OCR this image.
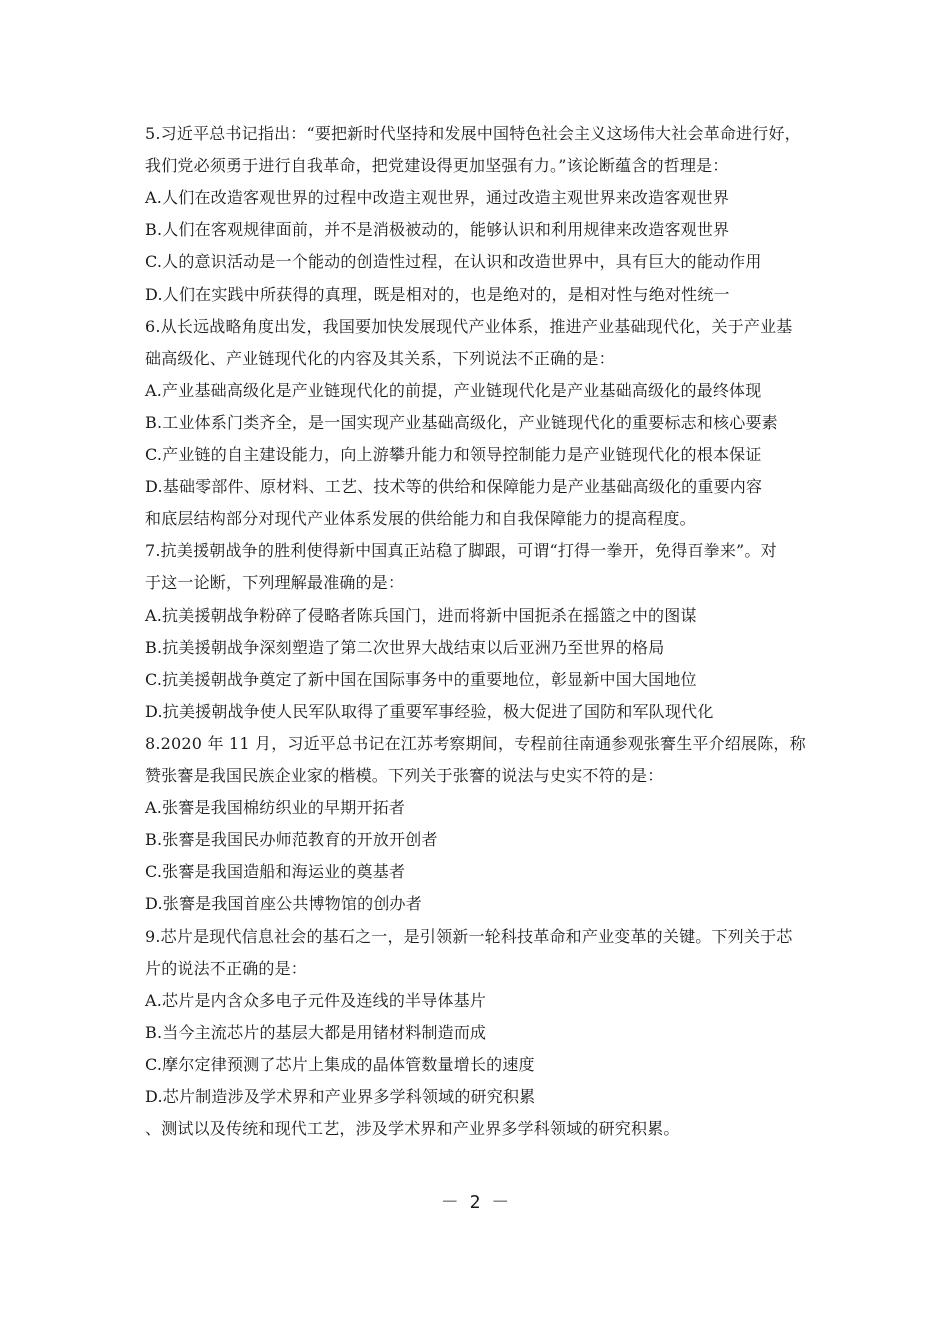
5.习近平总书记指出：“要把新时代坚持和发展中国特色社会主义这场伟大社会革命进行好，
我们党必须勇于进行自我革命，把党建设得更加坚强有力。”该论断蕴含的哲理是：
A.人们在改造客观世界的过程中改造主观世界，通过改造主观世界来改造客观世界
B.人们在客观规律面前，并不是消极被动的，能够认识和利用规律来改造客观世界
C.人的意识活动是一个能动的创造性过程，在认识和改造世界中，具有巨大的能动作用
D.人们在实践中所获得的真理，既是相对的，也是绝对的，是相对性与绝对性统一
6.从长远战略角度出发，我国要加快发展现代产业体系，推进产业基础现代化，关于产业基
础高级化、产业链现代化的内容及其关系，下列说法不正确的是：
A.产业基础高级化是产业链现代化的前提，产业链现代化是产业基础高级化的最终体现
B.工业体系门类齐全，是一国实现产业基础高级化，产业链现代化的重要标志和核心要素
C.产业链的自主建设能力，向上游攀升能力和领导控制能力是产业链现代化的根本保证
D.基础零部件、原材料、工艺、技术等的供给和保障能力是产业基础高级化的重要内容
和底层结构部分对现代产业体系发展的供给能力和自我保障能力的提高程度。
7.抗美援朝战争的胜利使得新中国真正站稳了脚跟，可谓“打得一拳开，免得百拳来”。对
于这一论断，下列理解最准确的是：
A.抗美援朝战争粉碎了侵略者陈兵国门，进而将新中国扼杀在摇篮之中的图谋
B.抗美援朝战争深刻塑造了第二次世界大战结束以后亚洲乃至世界的格局
C.抗美援朝战争奠定了新中国在国际事务中的重要地位，彰显新中国大国地位
D.抗美援朝战争使人民军队取得了重要军事经验，极大促进了国防和军队现代化
8.2020 年 11 月，习近平总书记在江苏考察期间，专程前往南通参观张謇生平介绍展陈，称
赞张謇是我国民族企业家的楷模。下列关于张謇的说法与史实不符的是：
A.张謇是我国棉纺织业的早期开拓者
B.张謇是我国民办师范教育的开放开创者
C.张謇是我国造船和海运业的奠基者
D.张謇是我国首座公共博物馆的创办者
9.芯片是现代信息社会的基石之一，是引领新一轮科技革命和产业变革的关键。下列关于芯
片的说法不正确的是：
A.芯片是内含众多电子元件及连线的半导体基片
B.当今主流芯片的基层大都是用锗材料制造而成
C.摩尔定律预测了芯片上集成的晶体管数量增长的速度
D.芯片制造涉及学术界和产业界多学科领域的研究积累
、测试以及传统和现代工艺，涉及学术界和产业界多学科领域的研究积累。
－ 2 －
